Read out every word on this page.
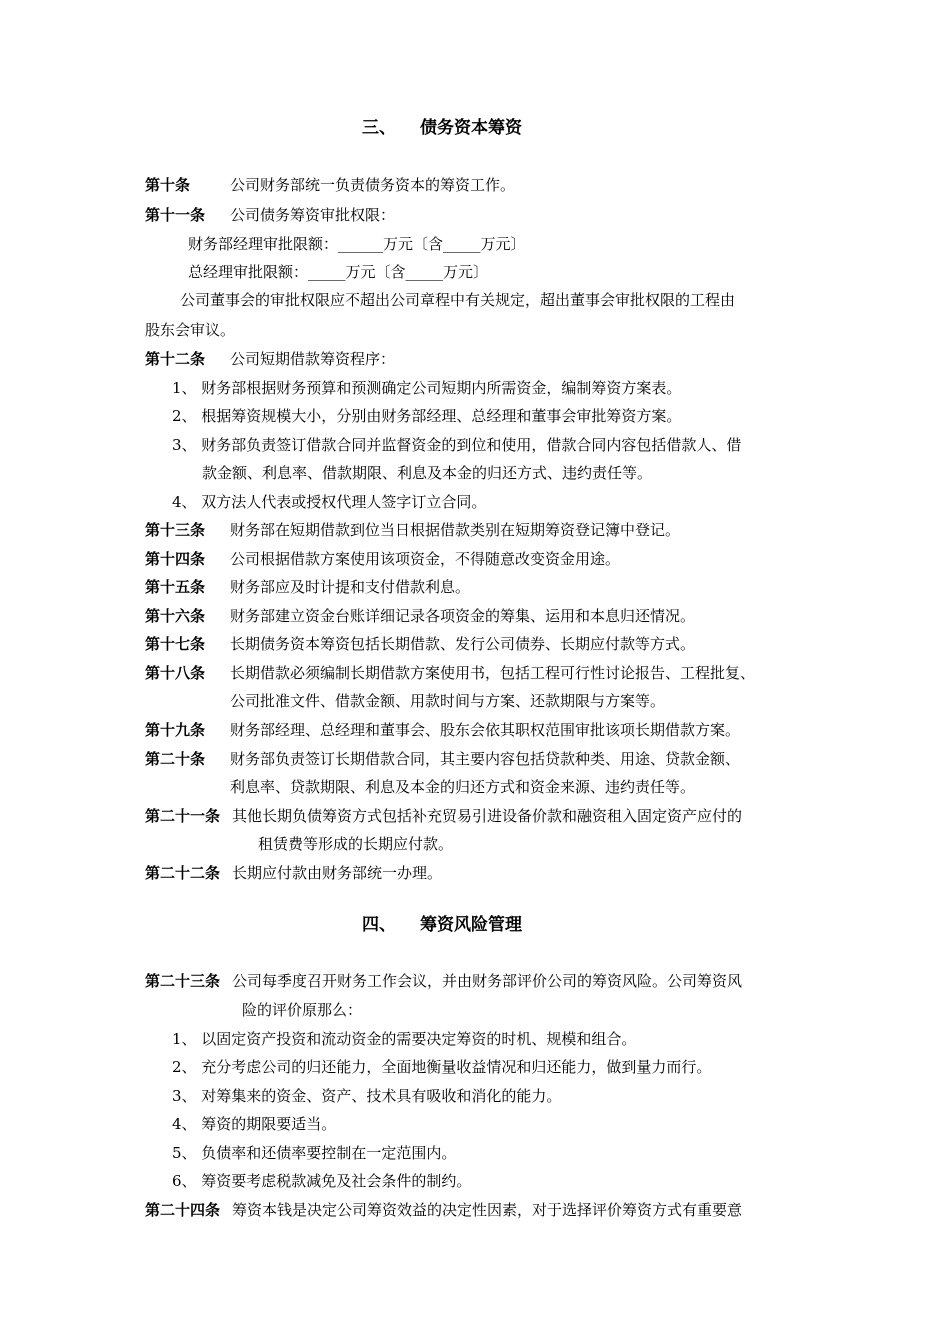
三、 债务资本筹资
第十条	公司财务部统一负责债务资本的筹资工作。
第十一条 公司债务筹资审批权限：
财务部经理审批限额：______万元〔含_____万元〕
总经理审批限额：_____万元〔含_____万元〕
公司董事会的审批权限应不超出公司章程中有关规定，超出董事会审批权限的工程由
股东会审议。
第十二条 公司短期借款筹资程序：
1、 财务部根据财务预算和预测确定公司短期内所需资金，编制筹资方案表。
2、 根据筹资规模大小，分别由财务部经理、总经理和董事会审批筹资方案。
3、 财务部负责签订借款合同并监督资金的到位和使用，借款合同内容包括借款人、借
款金额、利息率、借款期限、利息及本金的归还方式、违约责任等。
4、 双方法人代表或授权代理人签字订立合同。
第十三条 财务部在短期借款到位当日根据借款类别在短期筹资登记簿中登记。
第十四条 公司根据借款方案使用该项资金，不得随意改变资金用途。
第十五条 财务部应及时计提和支付借款利息。
第十六条 财务部建立资金台账详细记录各项资金的筹集、运用和本息归还情况。
第十七条 长期债务资本筹资包括长期借款、发行公司债券、长期应付款等方式。
第十八条 长期借款必须编制长期借款方案使用书，包括工程可行性讨论报告、工程批复、
公司批准文件、借款金额、用款时间与方案、还款期限与方案等。
第十九条 财务部经理、总经理和董事会、股东会依其职权范围审批该项长期借款方案。
第二十条 财务部负责签订长期借款合同，其主要内容包括贷款种类、用途、贷款金额、
利息率、贷款期限、利息及本金的归还方式和资金来源、违约责任等。
第二十一条 其他长期负债筹资方式包括补充贸易引进设备价款和融资租入固定资产应付的
租赁费等形成的长期应付款。
第二十二条 长期应付款由财务部统一办理。
四、 筹资风险管理
第二十三条 公司每季度召开财务工作会议，并由财务部评价公司的筹资风险。公司筹资风
险的评价原那么：
1、 以固定资产投资和流动资金的需要决定筹资的时机、规模和组合。
2、 充分考虑公司的归还能力，全面地衡量收益情况和归还能力，做到量力而行。
3、 对筹集来的资金、资产、技术具有吸收和消化的能力。
4、 筹资的期限要适当。
5、 负债率和还债率要控制在一定范围内。
6、 筹资要考虑税款减免及社会条件的制约。
第二十四条 筹资本钱是决定公司筹资效益的决定性因素，对于选择评价筹资方式有重要意
